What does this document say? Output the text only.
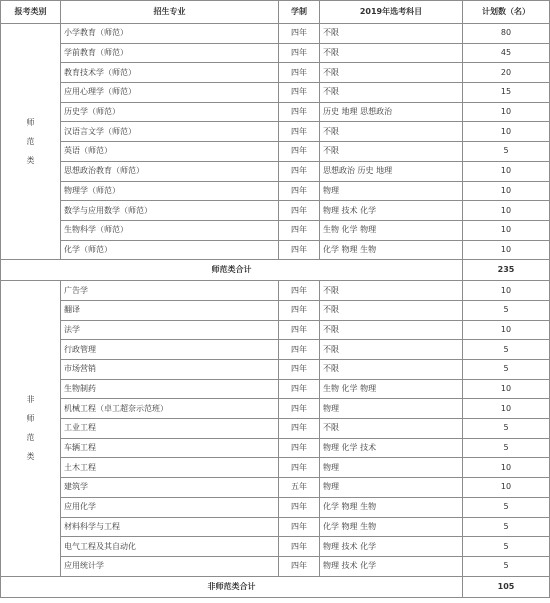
报考类别	招生专业	学制	2019年选考科目	计划数（名）

师
范
类	小学教育（师范）	四年	不限	80
	学前教育（师范）	四年	不限	45
	教育技术学（师范）	四年	不限	20
	应用心理学（师范）	四年	不限	15
	历史学（师范）	四年	历史 地理 思想政治	10
	汉语言文学（师范）	四年	不限	10
	英语（师范）	四年	不限	5
	思想政治教育（师范）	四年	思想政治 历史 地理	10
	物理学（师范）	四年	物理	10
	数学与应用数学（师范）	四年	物理 技术 化学	10
	生物科学（师范）	四年	生物 化学 物理	10
	化学（师范）	四年	化学 物理 生物	10
师范类合计				235

非
师
范
类	广告学	四年	不限	10
	翻译	四年	不限	5
	法学	四年	不限	10
	行政管理	四年	不限	5
	市场营销	四年	不限	5
	生物制药	四年	生物 化学 物理	10
	机械工程（卓工超奈示范班）	四年	物理	10
	工业工程	四年	不限	5
	车辆工程	四年	物理 化学 技术	5
	土木工程	四年	物理	10
	建筑学	五年	物理	10
	应用化学	四年	化学 物理 生物	5
	材料科学与工程	四年	化学 物理 生物	5
	电气工程及其自动化	四年	物理 技术 化学	5
	应用统计学	四年	物理 技术 化学	5
非师范类合计				105
